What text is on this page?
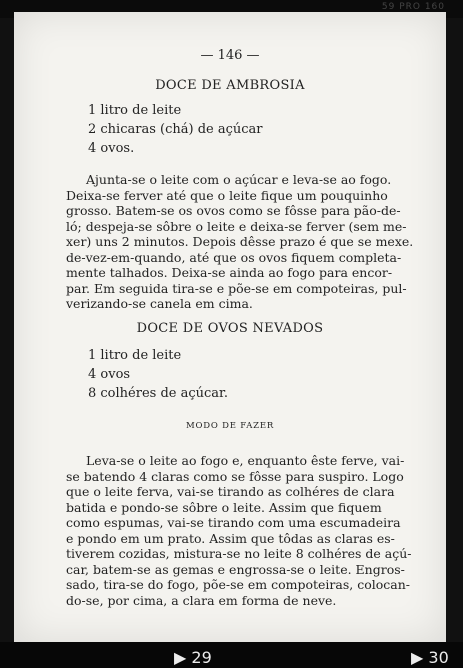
59 PRO 160
— 146 —
DOCE DE AMBROSIA
1 litro de leite
2 chicaras (chá) de açúcar
4 ovos.
Ajunta-se o leite com o açúcar e leva-se ao fogo.
Deixa-se ferver até que o leite fique um pouquinho
grosso. Batem-se os ovos como se fôsse para pão-de-
ló; despeja-se sôbre o leite e deixa-se ferver (sem me-
xer) uns 2 minutos. Depois dêsse prazo é que se mexe.
de-vez-em-quando, até que os ovos fiquem completa-
mente talhados. Deixa-se ainda ao fogo para encor-
par. Em seguida tira-se e põe-se em compoteiras, pul-
verizando-se canela em cima.
DOCE DE OVOS NEVADOS
1 litro de leite
4 ovos
8 colhéres de açúcar.
MODO DE FAZER
Leva-se o leite ao fogo e, enquanto êste ferve, vai-
se batendo 4 claras como se fôsse para suspiro. Logo
que o leite ferva, vai-se tirando as colhéres de clara
batida e pondo-se sôbre o leite. Assim que fiquem
como espumas, vai-se tirando com uma escumadeira
e pondo em um prato. Assim que tôdas as claras es-
tiverem cozidas, mistura-se no leite 8 colhéres de açú-
car, batem-se as gemas e engrossa-se o leite. Engros-
sado, tira-se do fogo, põe-se em compoteiras, colocan-
do-se, por cima, a clara em forma de neve.
▶ 29	▶ 30
